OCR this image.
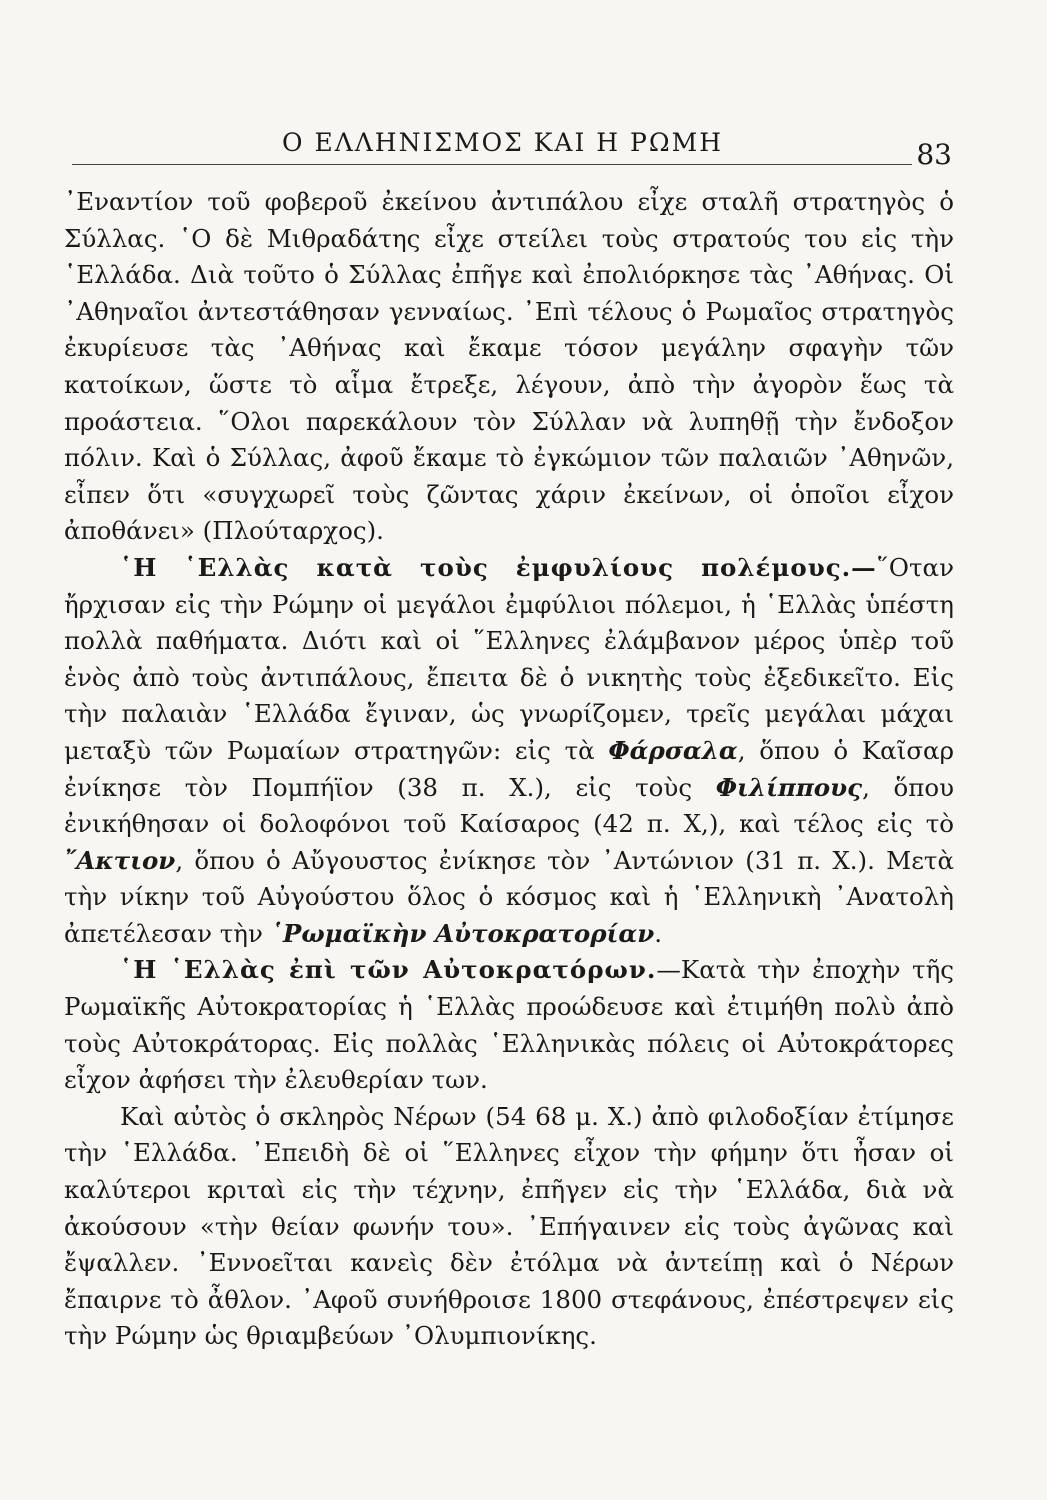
Ο ΕΛΛΗΝΙΣΜΟΣ ΚΑΙ Η ΡΩΜΗ	83

᾿Εναντίον τοῦ φοβεροῦ ἐκείνου ἀντιπάλου εἶχε σταλῆ στρατηγὸς ὁ Σύλλας. ῾Ο δὲ Μιθραδάτης εἶχε στείλει τοὺς στρατούς του εἰς τὴν ῾Ελλάδα. Διὰ τοῦτο ὁ Σύλλας ἐπῆγε καὶ ἐπολιόρκησε τὰς ᾿Αθήνας. Οἱ ᾿Αθηναῖοι ἀντεστάθησαν γενναίως. ᾿Επὶ τέλους ὁ Ρωμαῖος στρατηγὸς ἐκυρίευσε τὰς ᾿Αθήνας καὶ ἔκαμε τόσον μεγάλην σφαγὴν τῶν κατοίκων, ὥστε τὸ αἷμα ἔτρεξε, λέγουν, ἀπὸ τὴν ἀγορὸν ἕως τὰ προάστεια. ῞Ολοι παρεκάλουν τὸν Σύλλαν νὰ λυπηθῇ τὴν ἔνδοξον πόλιν. Καὶ ὁ Σύλλας, ἀφοῦ ἔκαμε τὸ ἐγκώμιον τῶν παλαιῶν ᾿Αθηνῶν, εἶπεν ὅτι «συγχωρεῖ τοὺς ζῶντας χάριν ἐκείνων, οἱ ὁποῖοι εἶχον ἀποθάνει» (Πλούταρχος).

῾Η ῾Ελλὰς κατὰ τοὺς ἐμφυλίους πολέμους.—῞Οταν ἤρχισαν εἰς τὴν Ρώμην οἱ μεγάλοι ἐμφύλιοι πόλεμοι, ἡ ῾Ελλὰς ὑπέστη πολλὰ παθήματα. Διότι καὶ οἱ ῞Ελληνες ἐλάμβανον μέρος ὑπὲρ τοῦ ἑνὸς ἀπὸ τοὺς ἀντιπάλους, ἔπειτα δὲ ὁ νικητὴς τοὺς ἐξεδικεῖτο. Εἰς τὴν παλαιὰν ῾Ελλάδα ἔγιναν, ὡς γνωρίζομεν, τρεῖς μεγάλαι μάχαι μεταξὺ τῶν Ρωμαίων στρατηγῶν: εἰς τὰ Φάρσαλα, ὅπου ὁ Καῖσαρ ἐνίκησε τὸν Πομπήϊον (38 π. Χ.), εἰς τοὺς Φιλίππους, ὅπου ἐνικήθησαν οἱ δολοφόνοι τοῦ Καίσαρος (42 π. Χ,), καὶ τέλος εἰς τὸ ῎Ακτιον, ὅπου ὁ Αὔγουστος ἐνίκησε τὸν ᾿Αντώνιον (31 π. Χ.). Μετὰ τὴν νίκην τοῦ Αὐγούστου ὅλος ὁ κόσμος καὶ ἡ ῾Ελληνικὴ ᾿Ανατολὴ ἀπετέλεσαν τὴν ῾Ρωμαϊκὴν Αὐτοκρατορίαν.

῾Η ῾Ελλὰς ἐπὶ τῶν Αὐτοκρατόρων.—Κατὰ τὴν ἐποχὴν τῆς Ρωμαϊκῆς Αὐτοκρατορίας ἡ ῾Ελλὰς προώδευσε καὶ ἐτιμήθη πολὺ ἀπὸ τοὺς Αὐτοκράτορας. Εἰς πολλὰς ῾Ελληνικὰς πόλεις οἱ Αὐτοκράτορες εἶχον ἀφήσει τὴν ἐλευθερίαν των.

Καὶ αὐτὸς ὁ σκληρὸς Νέρων (54 68 μ. Χ.) ἀπὸ φιλοδοξίαν ἐτίμησε τὴν ῾Ελλάδα. ᾿Επειδὴ δὲ οἱ ῞Ελληνες εἶχον τὴν φήμην ὅτι ἦσαν οἱ καλύτεροι κριταὶ εἰς τὴν τέχνην, ἐπῆγεν εἰς τὴν ῾Ελλάδα, διὰ νὰ ἀκούσουν «τὴν θείαν φωνήν του». ᾿Επήγαινεν εἰς τοὺς ἀγῶνας καὶ ἔψαλλεν. ᾿Εννοεῖται κανεὶς δὲν ἐτόλμα νὰ ἀντείπῃ καὶ ὁ Νέρων ἔπαιρνε τὸ ἆθλον. ᾿Αφοῦ συνήθροισε 1800 στεφάνους, ἐπέστρεψεν εἰς τὴν Ρώμην ὡς θριαμβεύων ᾿Ολυμπιονίκης.
